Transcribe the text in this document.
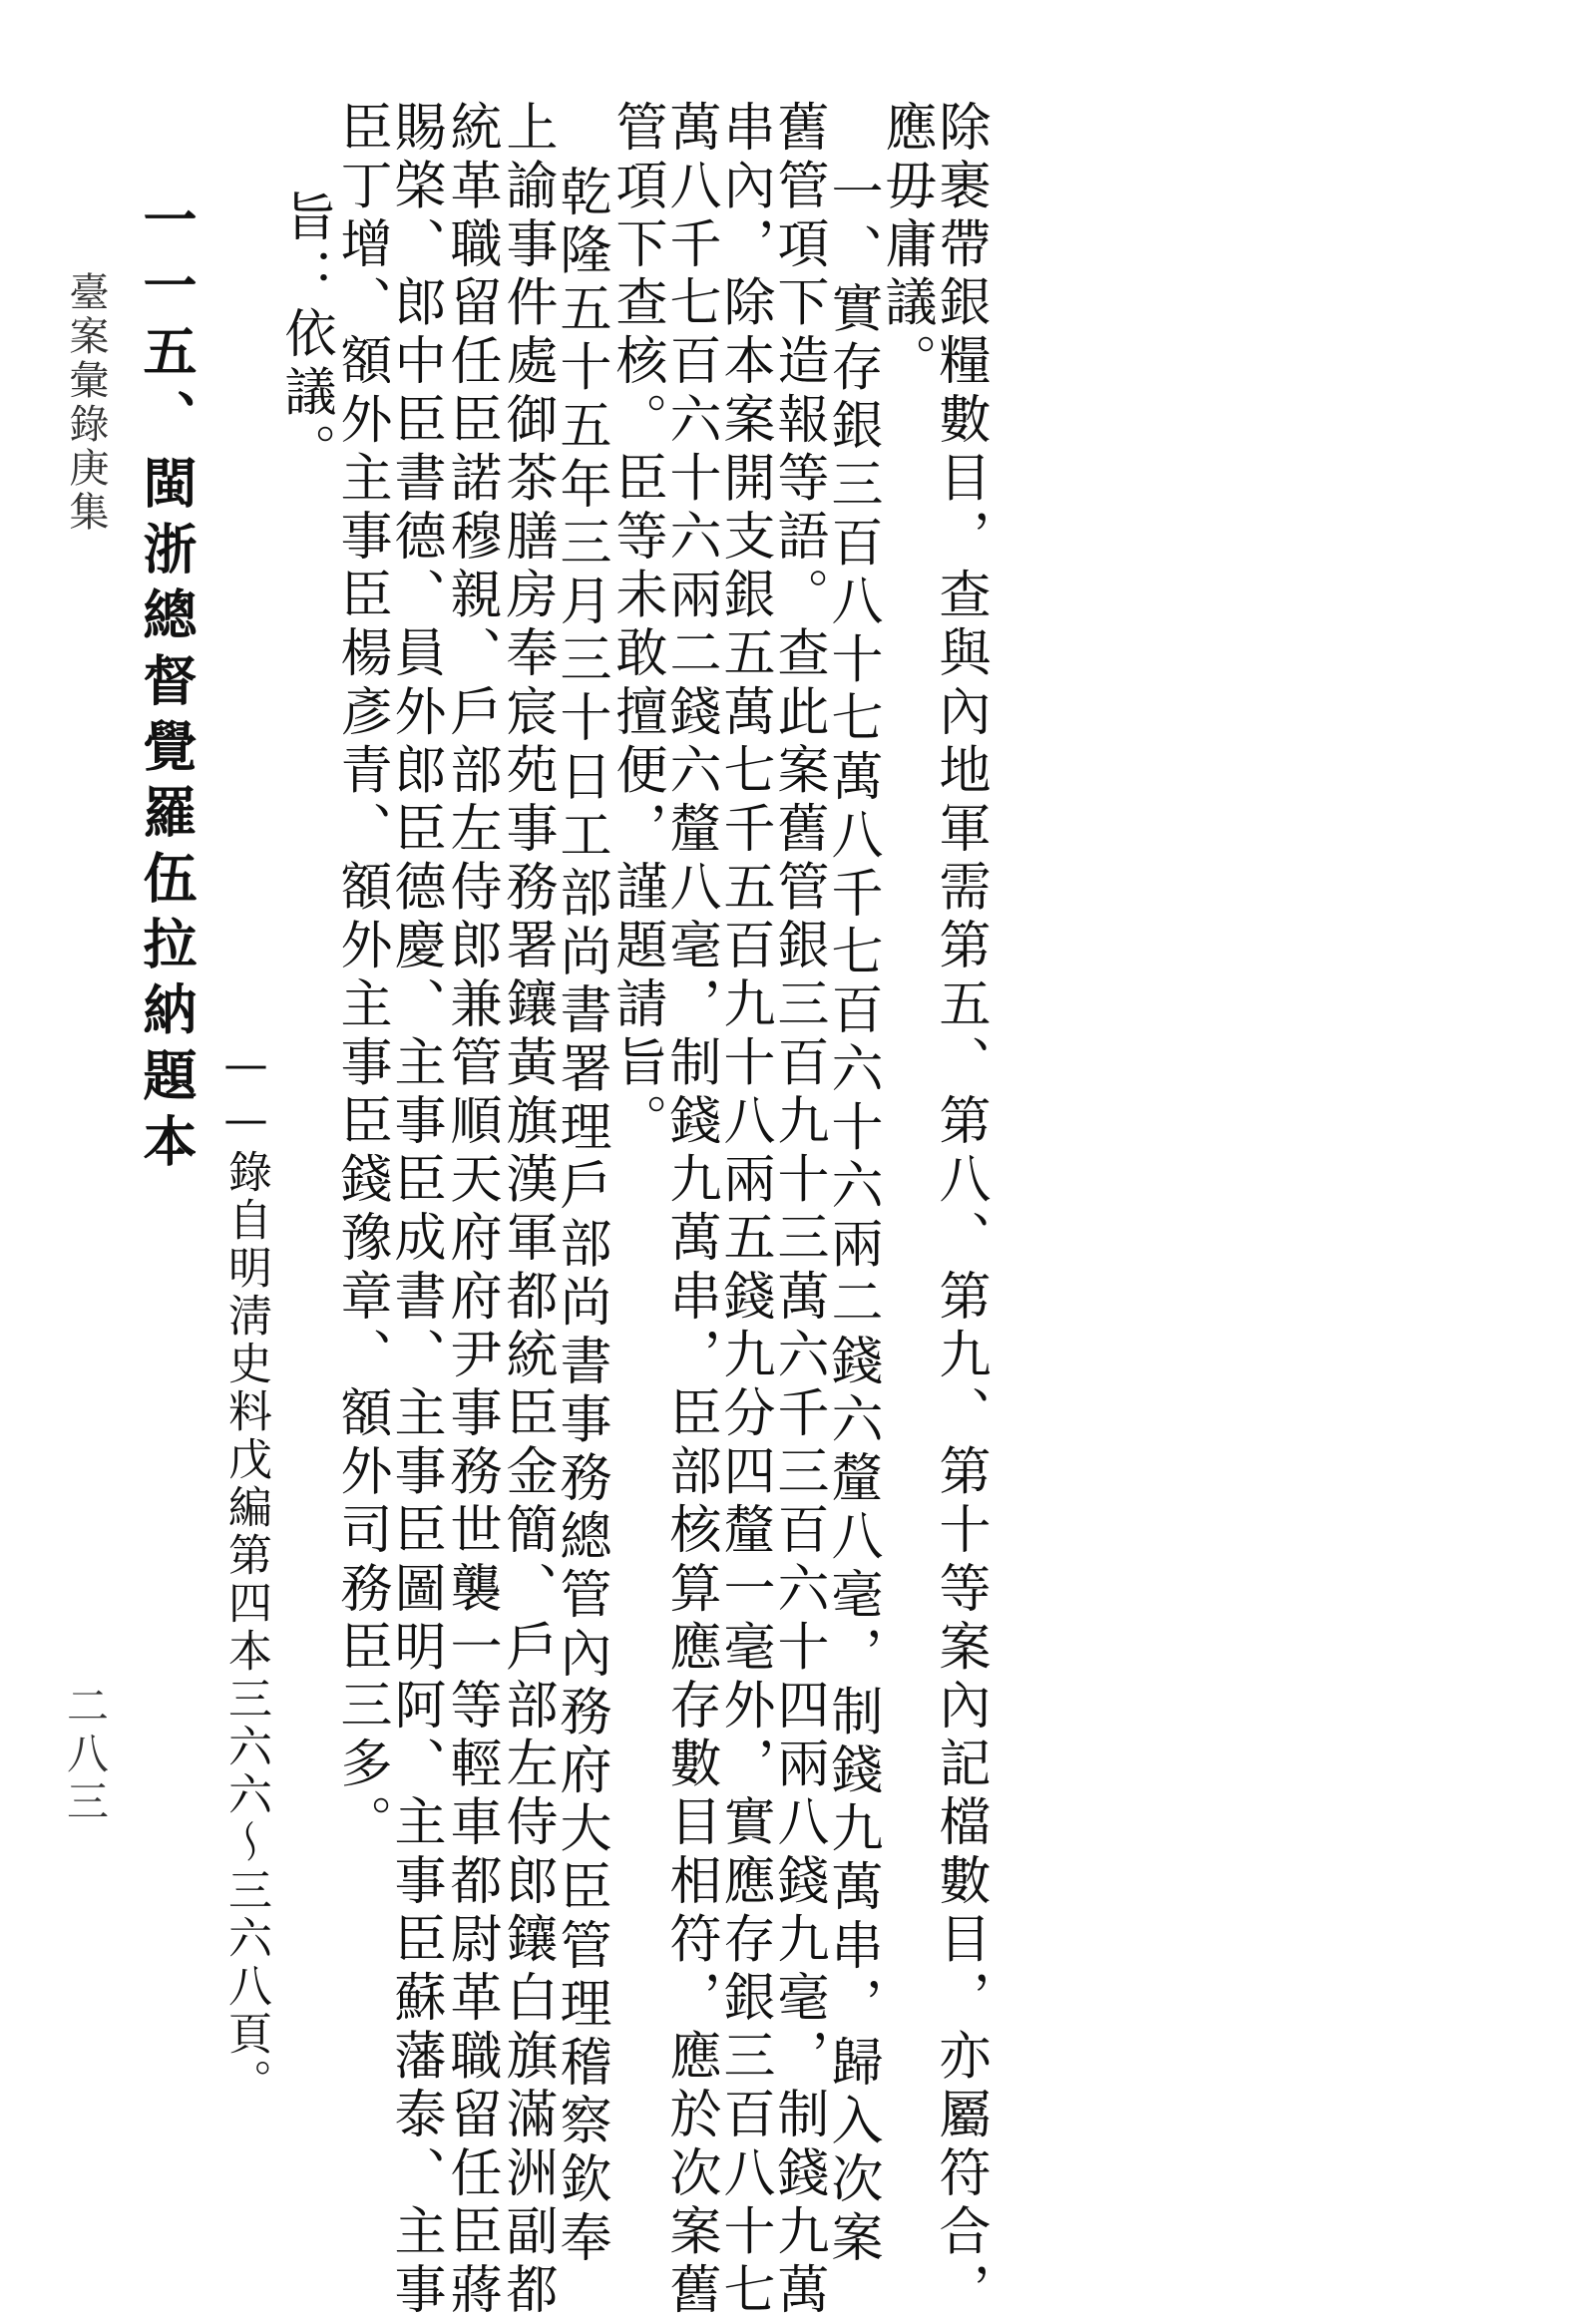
除裹帶銀糧數目，查與內地軍需第五、第八、第九、第十等案內記檔數目，亦屬符合，
應毋庸議。
一、實存銀三百八十七萬八千七百六十六兩二錢六釐八毫，制錢九萬串，歸入次案
舊管項下造報等語。查此案舊管銀三百九十三萬六千三百六十四兩八錢九毫，制錢九萬
串內，除本案開支銀五萬七千五百九十八兩五錢九分四釐一毫外，實應存銀三百八十七
萬八千七百六十六兩二錢六釐八毫，制錢九萬串，臣部核算應存數目相符，應於次案舊
管項下查核。臣等未敢擅便，謹題請旨。
乾隆五十五年三月三十日工部尚書署理戶部尚書事務總管內務府大臣管理稽察欽奉
上諭事件處御茶膳房奉宸苑事務署鑲黃旗漢軍都統臣金簡、戶部左侍郎鑲白旗滿洲副都
統革職留任臣諾穆親、戶部左侍郎兼管順天府府尹事務世襲一等輕車都尉革職留任臣蔣
賜棨、郎中臣書德、員外郎臣德慶、主事臣成書、主事臣圖明阿、主事臣蘇藩泰、主事
臣丁增、額外主事臣楊彥青、額外主事臣錢豫章、額外司務臣三多。
旨：依議。
——錄自明淸史料戊編第四本三六六～三六八頁。
一一五、閩浙總督覺羅伍拉納題本
臺案彙錄庚集
二八三
